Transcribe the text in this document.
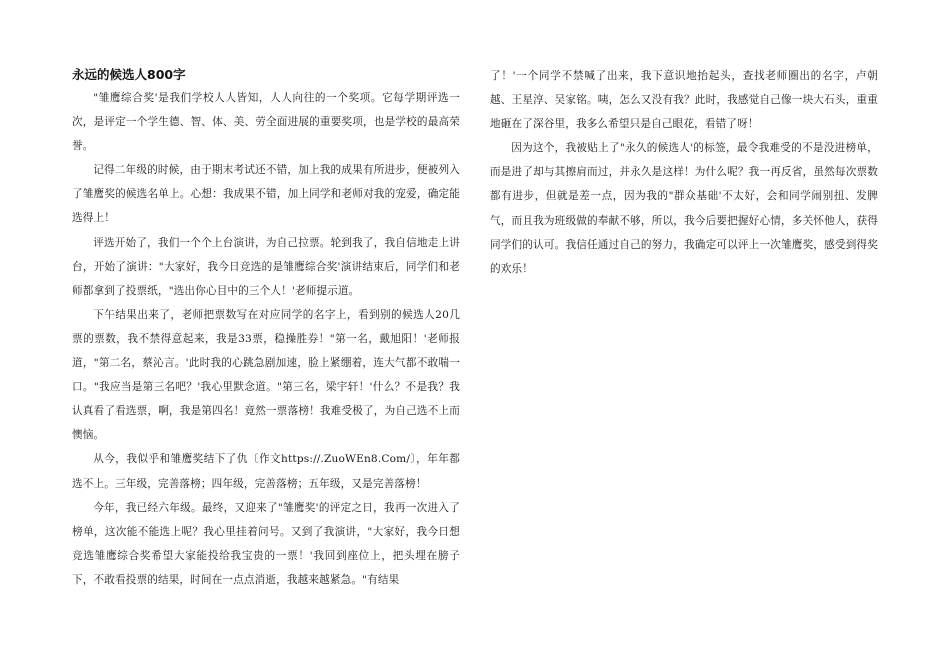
永远的候选人800字

"雏鹰综合奖'是我们学校人人皆知，人人向往的一个奖项。它每学期评选一次，是评定一个学生德、智、体、美、劳全面进展的重要奖项，也是学校的最高荣誉。

记得二年级的时候，由于期末考试还不错，加上我的成果有所进步，便被列入了雏鹰奖的候选名单上。心想：我成果不错，加上同学和老师对我的宠爱，确定能选得上！

评选开始了，我们一个个上台演讲，为自己拉票。轮到我了，我自信地走上讲台，开始了演讲："大家好，我今日竞选的是雏鹰综合奖'演讲结束后，同学们和老师都拿到了投票纸，"选出你心目中的三个人！'老师提示道。

下午结果出来了，老师把票数写在对应同学的名字上，看到别的候选人20几票的票数，我不禁得意起来，我是33票，稳操胜券！"第一名，戴旭阳！'老师报道，"第二名，蔡沁言。'此时我的心跳急剧加速，脸上紧绷着，连大气都不敢喘一口。"我应当是第三名吧？'我心里默念道。"第三名，梁宇轩！'什么？不是我？我认真看了看选票，啊，我是第四名！竟然一票落榜！我难受极了，为自己选不上而懊恼。

从今，我似乎和雏鹰奖结下了仇〔作文https://.ZuoWEn8.Com/〕，年年都选不上。三年级，完善落榜；四年级，完善落榜；五年级，又是完善落榜！

今年，我已经六年级。最终，又迎来了"雏鹰奖'的评定之日，我再一次进入了榜单，这次能不能选上呢？我心里挂着问号。又到了我演讲，"大家好，我今日想竞选雏鹰综合奖希望大家能投给我宝贵的一票！'我回到座位上，把头埋在膀子下，不敢看投票的结果，时间在一点点消逝，我越来越紧急。"有结果

了！'一个同学不禁喊了出来，我下意识地抬起头，查找老师圈出的名字，卢朝越、王星淳、吴家铭。咦，怎么又没有我？此时，我感觉自己像一块大石头，重重地砸在了深谷里，我多么希望只是自己眼花，看错了呀！

因为这个，我被贴上了"永久的候选人'的标签，最令我难受的不是没进榜单，而是进了却与其擦肩而过，并永久是这样！为什么呢？我一再反省，虽然每次票数都有进步，但就是差一点，因为我的"群众基础'不太好，会和同学闹别扭、发脾气，而且我为班级做的奉献不够，所以，我今后要把握好心情，多关怀他人，获得同学们的认可。我信任通过自己的努力，我确定可以评上一次雏鹰奖，感受到得奖的欢乐！
